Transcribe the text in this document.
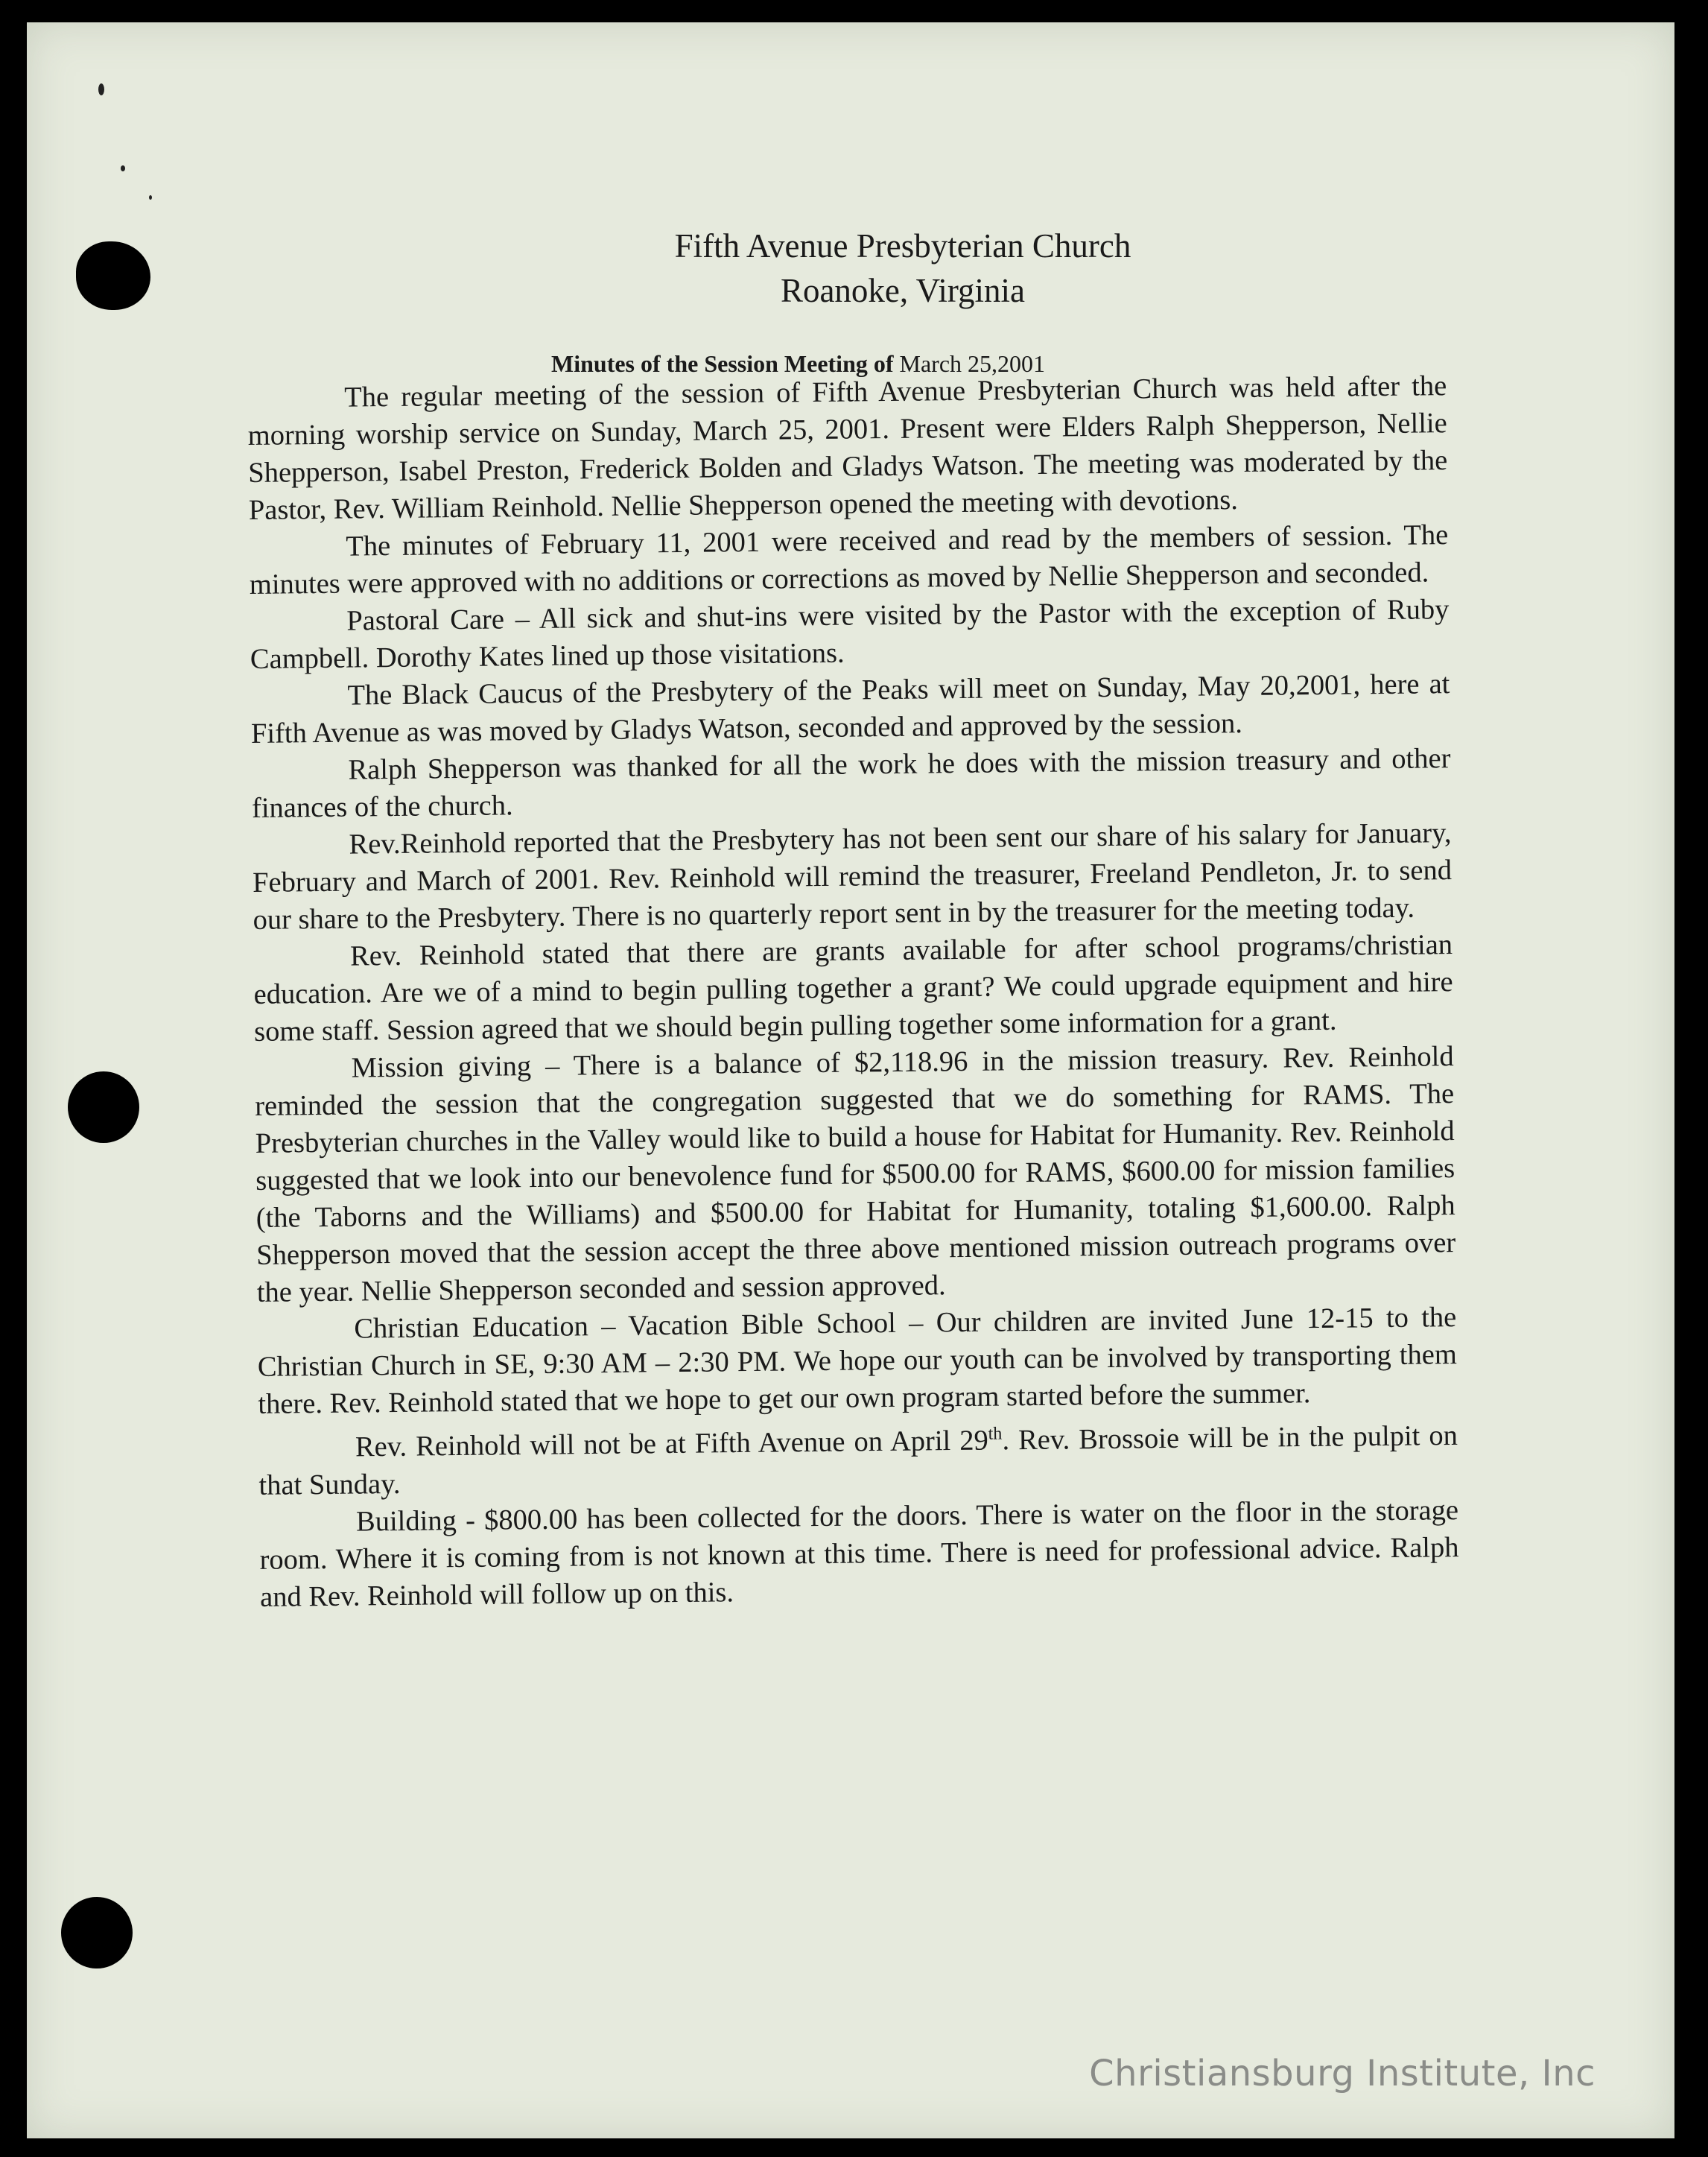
Fifth Avenue Presbyterian Church
Roanoke, Virginia
Minutes of the Session Meeting of March 25,2001

The regular meeting of the session of Fifth Avenue Presbyterian Church was held after the morning worship service on Sunday, March 25, 2001. Present were Elders Ralph Shepperson, Nellie Shepperson, Isabel Preston, Frederick Bolden and Gladys Watson. The meeting was moderated by the Pastor, Rev. William Reinhold. Nellie Shepperson opened the meeting with devotions.

The minutes of February 11, 2001 were received and read by the members of session. The minutes were approved with no additions or corrections as moved by Nellie Shepperson and seconded.

Pastoral Care – All sick and shut-ins were visited by the Pastor with the exception of Ruby Campbell. Dorothy Kates lined up those visitations.

The Black Caucus of the Presbytery of the Peaks will meet on Sunday, May 20,2001, here at Fifth Avenue as was moved by Gladys Watson, seconded and approved by the session.

Ralph Shepperson was thanked for all the work he does with the mission treasury and other finances of the church.

Rev.Reinhold reported that the Presbytery has not been sent our share of his salary for January, February and March of 2001. Rev. Reinhold will remind the treasurer, Freeland Pendleton, Jr. to send our share to the Presbytery. There is no quarterly report sent in by the treasurer for the meeting today.

Rev. Reinhold stated that there are grants available for after school programs/christian education. Are we of a mind to begin pulling together a grant? We could upgrade equipment and hire some staff. Session agreed that we should begin pulling together some information for a grant.

Mission giving – There is a balance of $2,118.96 in the mission treasury. Rev. Reinhold reminded the session that the congregation suggested that we do something for RAMS. The Presbyterian churches in the Valley would like to build a house for Habitat for Humanity. Rev. Reinhold suggested that we look into our benevolence fund for $500.00 for RAMS, $600.00 for mission families (the Taborns and the Williams) and $500.00 for Habitat for Humanity, totaling $1,600.00. Ralph Shepperson moved that the session accept the three above mentioned mission outreach programs over the year. Nellie Shepperson seconded and session approved.

Christian Education – Vacation Bible School – Our children are invited June 12-15 to the Christian Church in SE, 9:30 AM – 2:30 PM. We hope our youth can be involved by transporting them there. Rev. Reinhold stated that we hope to get our own program started before the summer.

Rev. Reinhold will not be at Fifth Avenue on April 29th. Rev. Brossoie will be in the pulpit on that Sunday.

Building - $800.00 has been collected for the doors. There is water on the floor in the storage room. Where it is coming from is not known at this time. There is need for professional advice. Ralph and Rev. Reinhold will follow up on this.

Christiansburg Institute, Inc
